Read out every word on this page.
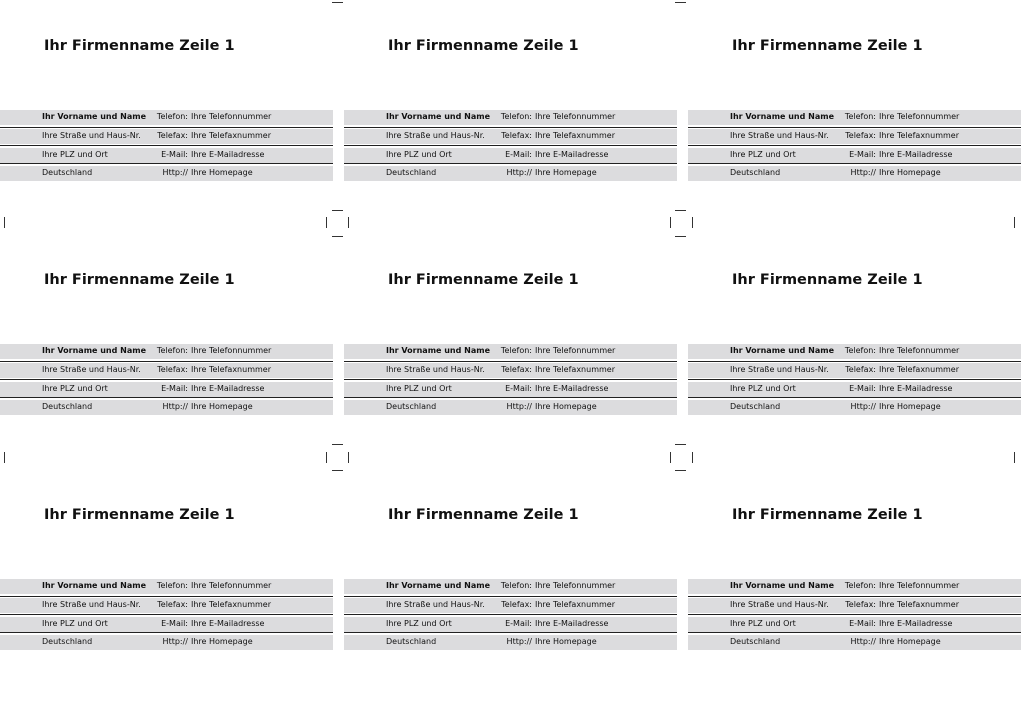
Ihr Firmenname Zeile 1
Ihr Vorname und Name	Telefon: Ihre Telefonnummer
Ihre Straße und Haus-Nr.	Telefax: Ihre Telefaxnummer
Ihre PLZ und Ort	E-Mail: Ihre E-Mailadresse
Deutschland	Http:// Ihre Homepage
Ihr Firmenname Zeile 1
Ihr Vorname und Name	Telefon: Ihre Telefonnummer
Ihre Straße und Haus-Nr.	Telefax: Ihre Telefaxnummer
Ihre PLZ und Ort	E-Mail: Ihre E-Mailadresse
Deutschland	Http:// Ihre Homepage
Ihr Firmenname Zeile 1
Ihr Vorname und Name	Telefon: Ihre Telefonnummer
Ihre Straße und Haus-Nr.	Telefax: Ihre Telefaxnummer
Ihre PLZ und Ort	E-Mail: Ihre E-Mailadresse
Deutschland	Http:// Ihre Homepage
Ihr Firmenname Zeile 1
Ihr Vorname und Name	Telefon: Ihre Telefonnummer
Ihre Straße und Haus-Nr.	Telefax: Ihre Telefaxnummer
Ihre PLZ und Ort	E-Mail: Ihre E-Mailadresse
Deutschland	Http:// Ihre Homepage
Ihr Firmenname Zeile 1
Ihr Vorname und Name	Telefon: Ihre Telefonnummer
Ihre Straße und Haus-Nr.	Telefax: Ihre Telefaxnummer
Ihre PLZ und Ort	E-Mail: Ihre E-Mailadresse
Deutschland	Http:// Ihre Homepage
Ihr Firmenname Zeile 1
Ihr Vorname und Name	Telefon: Ihre Telefonnummer
Ihre Straße und Haus-Nr.	Telefax: Ihre Telefaxnummer
Ihre PLZ und Ort	E-Mail: Ihre E-Mailadresse
Deutschland	Http:// Ihre Homepage
Ihr Firmenname Zeile 1
Ihr Vorname und Name	Telefon: Ihre Telefonnummer
Ihre Straße und Haus-Nr.	Telefax: Ihre Telefaxnummer
Ihre PLZ und Ort	E-Mail: Ihre E-Mailadresse
Deutschland	Http:// Ihre Homepage
Ihr Firmenname Zeile 1
Ihr Vorname und Name	Telefon: Ihre Telefonnummer
Ihre Straße und Haus-Nr.	Telefax: Ihre Telefaxnummer
Ihre PLZ und Ort	E-Mail: Ihre E-Mailadresse
Deutschland	Http:// Ihre Homepage
Ihr Firmenname Zeile 1
Ihr Vorname und Name	Telefon: Ihre Telefonnummer
Ihre Straße und Haus-Nr.	Telefax: Ihre Telefaxnummer
Ihre PLZ und Ort	E-Mail: Ihre E-Mailadresse
Deutschland	Http:// Ihre Homepage
